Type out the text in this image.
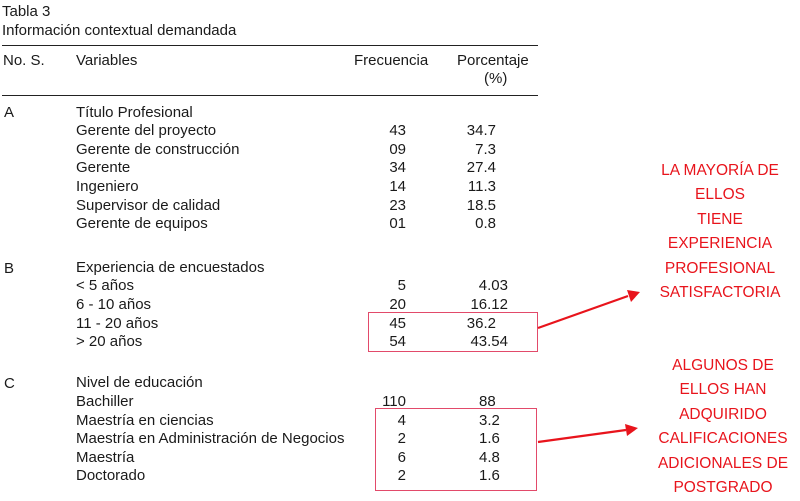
Tabla 3
Información contextual demandada
No. S. Variables	Frecuencia Porcentaje
(%)
A	Título Profesional
Gerente del proyecto	43	34.7
Gerente de construcción	09	7.3
Gerente	34	27.4
Ingeniero	14	11.3
Supervisor de calidad	23	18.5
Gerente de equipos	01	0.8
B	Experiencia de encuestados
< 5 años	5	4.03
6 - 10 años	20	16.12
11 - 20 años	45	36.2
> 20 años	54	43.54
C	Nivel de educación
Bachiller	110	88
Maestría en ciencias	4	3.2
Maestría en Administración de Negocios	2	1.6
Maestría	6	4.8
Doctorado	2	1.6
LA MAYORÍA DE
ELLOS
TIENE
EXPERIENCIA
PROFESIONAL
SATISFACTORIA
ALGUNOS DE
ELLOS HAN
ADQUIRIDO
CALIFICACIONES
ADICIONALES DE
POSTGRADO
